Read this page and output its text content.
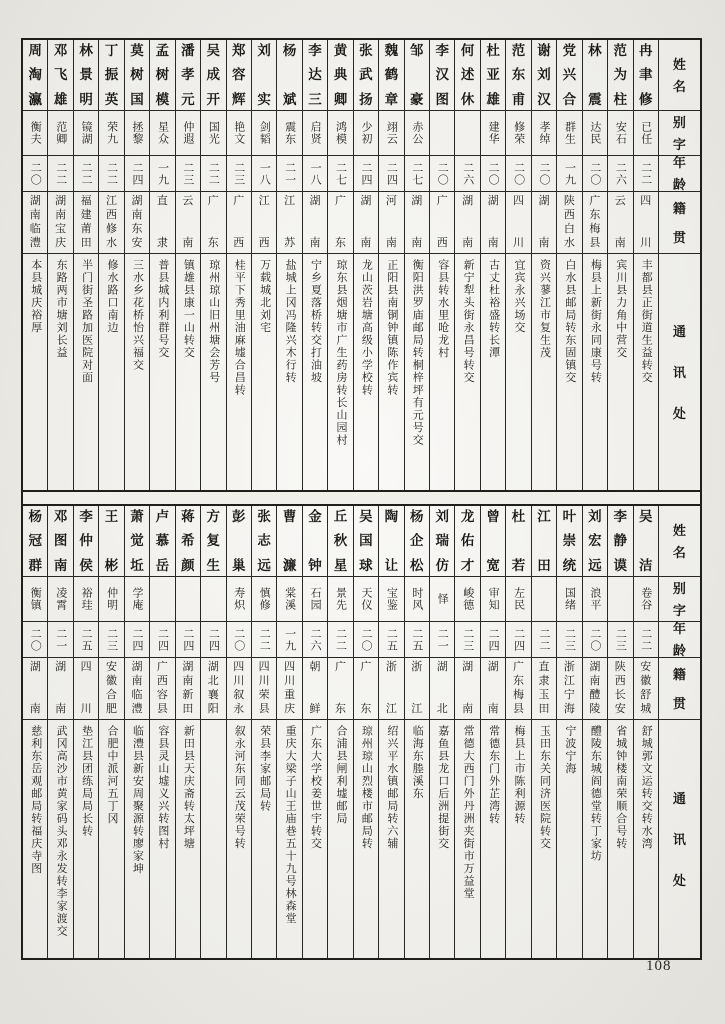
周
淘
瀛
衡夫
二〇
湖
南
临
澧
本县城庆裕厚
邓
飞
雄
范卿
二二
湖
南
宝
庆
东路两市塘刘长益
林
景
明
镜湖
二二
福
建
莆
田
半门街圣路加医院对面
丁
振
英
荣九
二二
江
西
修
水
修水路口南边
莫
树
国
拯黎
二四
湖
南
东
安
三水乡花桥怡兴福交
孟
树
模
星众
一九
直
隶
普县城内利群号交
潘
孝
元
仲遐
二三
云
南
镇雄县康一山转交
吴
成
开
国光
二二
广
东
琼州琼山旧州塘会芳号
郑
容
辉
艳文
二三
广
西
桂平下秀里油麻墟合昌转
刘
实
剑韬
一八
江
西
万载城北刘宅
杨
斌
震东
二一
江
苏
盐城上冈冯隆兴木行转
李
达
三
启贤
一八
湖
南
宁乡夏落桥转交打油坡
黄
典
卿
鸿模
二七
广
东
琼东县烟塘市广生药房转长山园村
张
武
扬
少初
二四
湖
南
龙山茨岩塘高级小学校转
魏
鹤
章
翊云
二四
河
南
正阳县南铜钟镇陈作宾转
邹
豪
赤公
二七
湖
南
衡阳洪罗庙邮局转桐梓坪有元号交
李
汉
图
二〇
广
西
容县转水里呛龙村
何
述
休
二六
湖
南
新宁犁头街永昌号转交
杜
亚
雄
建华
二〇
湖
南
古丈杜裕盛转长潭
范
东
甫
修荣
二〇
四
川
宜宾永兴场交
谢
刘
汉
孝绰
二〇
湖
南
资兴蓼江市复生茂
党
兴
合
群生
一九
陕
西
白
水
白水县邮局转东固镇交
林
震
达民
二〇
广
东
梅
县
梅县上新街永同康号转
范
为
柱
安石
二六
云
南
宾川县力角中营交
冉
聿
修
已任
二二
四
川
丰都县正街道生益转交
姓
名
别
字
年
龄
籍
贯
通
讯
处
杨
冠
群
衡镇
二〇
湖
南
慈利东岳观邮局转福庆寺图
邓
图
南
凌霄
二一
湖
南
武冈高沙市黄家码头邓永发转李家渡交
李
仲
侯
裕珪
二五
四
川
垫江县团练局局长转
王
彬
仲明
二三
安
徽
合
肥
合肥中派河五丁冈
萧
觉
坵
学庵
二四
湖
南
临
澧
临澧县新安周聚源转廖家坤
卢
慕
岳
二四
广
西
容
县
容县灵山墟义兴转图村
蒋
希
颜
二四
湖
南
新
田
新田县天庆斋转太坪塘
方
复
生
二四
湖
北
襄
阳
彭
巢
寿炽
二〇
四
川
叙
永
叙永河东同云茂荣号转
张
志
远
慎修
二二
四
川
荣
县
荣县李家邮局转
曹
濂
棠溪
一九
四
川
重
庆
重庆大梁子山王庙巷五十九号林森堂
金
钟
石园
二六
朝
鲜
广东大学校姜世宇转交
丘
秋
星
景先
二二
广
东
合浦县闸利墟邮局
吴
国
球
天仪
二〇
广
东
琼州琼山烈楼市邮局转
陶
让
宝鉴
二五
浙
江
绍兴平水镇邮局转六辅
杨
企
松
时风
二五
浙
江
临海东塍溪东
刘
瑞
仿
怿
二一
湖
北
嘉鱼县龙口后洲提街交
龙
佑
才
峻德
二三
湖
南
常德大西门外丹洲夹街市万益堂
曾
宽
审知
二四
湖
南
常德东门外芷湾转
杜
若
左民
二四
广
东
梅
县
梅县上市陈利源转
江
田
二二
直
隶
玉
田
玉田东关同济医院转交
叶
崇
统
国绪
二三
浙
江
宁
海
宁波宁海
刘
宏
远
浪平
二〇
湖
南
醴
陵
醴陵东城阎德堂转丁家坊
李
静
谟
二三
陕
西
长
安
省城钟楼南荣顺合号转
吴
洁
卷谷
二二
安
徽
舒
城
舒城郭文运转交转水湾
姓
名
别
字
年
龄
籍
贯
通
讯
处
108
